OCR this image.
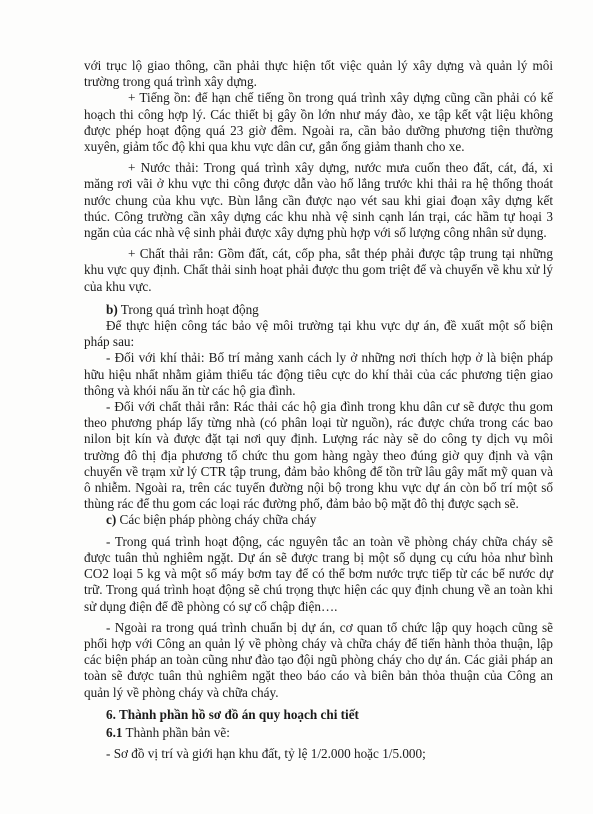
với trục lộ giao thông, cần phải thực hiện tốt việc quản lý xây dựng và quản lý môi trường trong quá trình xây dựng.

+ Tiếng ồn: để hạn chế tiếng ồn trong quá trình xây dựng cũng cần phải có kế hoạch thi công hợp lý. Các thiết bị gây ồn lớn như máy đào, xe tập kết vật liệu không được phép hoạt động quá 23 giờ đêm. Ngoài ra, cần bảo dưỡng phương tiện thường xuyên, giảm tốc độ khi qua khu vực dân cư, gắn ống giảm thanh cho xe.

+ Nước thải: Trong quá trình xây dựng, nước mưa cuốn theo đất, cát, đá, xi măng rơi vãi ở khu vực thi công được dẫn vào hố lắng trước khi thải ra hệ thống thoát nước chung của khu vực. Bùn lắng cần được nạo vét sau khi giai đoạn xây dựng kết thúc. Công trường cần xây dựng các khu nhà vệ sinh cạnh lán trại, các hầm tự hoại 3 ngăn của các nhà vệ sinh phải được xây dựng phù hợp với số lượng công nhân sử dụng.

+ Chất thải rắn: Gồm đất, cát, cốp pha, sắt thép phải được tập trung tại những khu vực quy định. Chất thải sinh hoạt phải được thu gom triệt để và chuyển về khu xử lý của khu vực.

b) Trong quá trình hoạt động

Để thực hiện công tác bảo vệ môi trường tại khu vực dự án, đề xuất một số biện pháp sau:

- Đối với khí thải: Bố trí mảng xanh cách ly ở những nơi thích hợp ở là biện pháp hữu hiệu nhất nhằm giảm thiểu tác động tiêu cực do khí thải của các phương tiện giao thông và khói nấu ăn từ các hộ gia đình.

- Đối với chất thải rắn: Rác thải các hộ gia đình trong khu dân cư sẽ được thu gom theo phương pháp lấy từng nhà (có phân loại từ nguồn), rác được chứa trong các bao nilon bịt kín và được đặt tại nơi quy định. Lượng rác này sẽ do công ty dịch vụ môi trường đô thị địa phương tổ chức thu gom hàng ngày theo đúng giờ quy định và vận chuyển về trạm xử lý CTR tập trung, đảm bảo không để tồn trữ lâu gây mất mỹ quan và ô nhiễm. Ngoài ra, trên các tuyến đường nội bộ trong khu vực dự án còn bố trí một số thùng rác để thu gom các loại rác đường phố, đảm bảo bộ mặt đô thị được sạch sẽ.

c) Các biện pháp phòng cháy chữa cháy

- Trong quá trình hoạt động, các nguyên tắc an toàn về phòng cháy chữa cháy sẽ được tuân thủ nghiêm ngặt. Dự án sẽ được trang bị một số dụng cụ cứu hỏa như bình CO2 loại 5 kg và một số máy bơm tay để có thể bơm nước trực tiếp từ các bể nước dự trữ. Trong quá trình hoạt động sẽ chú trọng thực hiện các quy định chung về an toàn khi sử dụng điện để đề phòng có sự cố chập điện….

- Ngoài ra trong quá trình chuẩn bị dự án, cơ quan tổ chức lập quy hoạch cũng sẽ phối hợp với Công an quản lý về phòng cháy và chữa cháy để tiến hành thỏa thuận, lập các biện pháp an toàn cũng như đào tạo đội ngũ phòng cháy cho dự án. Các giải pháp an toàn sẽ được tuân thủ nghiêm ngặt theo báo cáo và biên bản thỏa thuận của Công an quản lý về phòng cháy và chữa cháy.

6. Thành phần hồ sơ đồ án quy hoạch chi tiết

6.1 Thành phần bản vẽ:

- Sơ đồ vị trí và giới hạn khu đất, tỷ lệ 1/2.000 hoặc 1/5.000;
